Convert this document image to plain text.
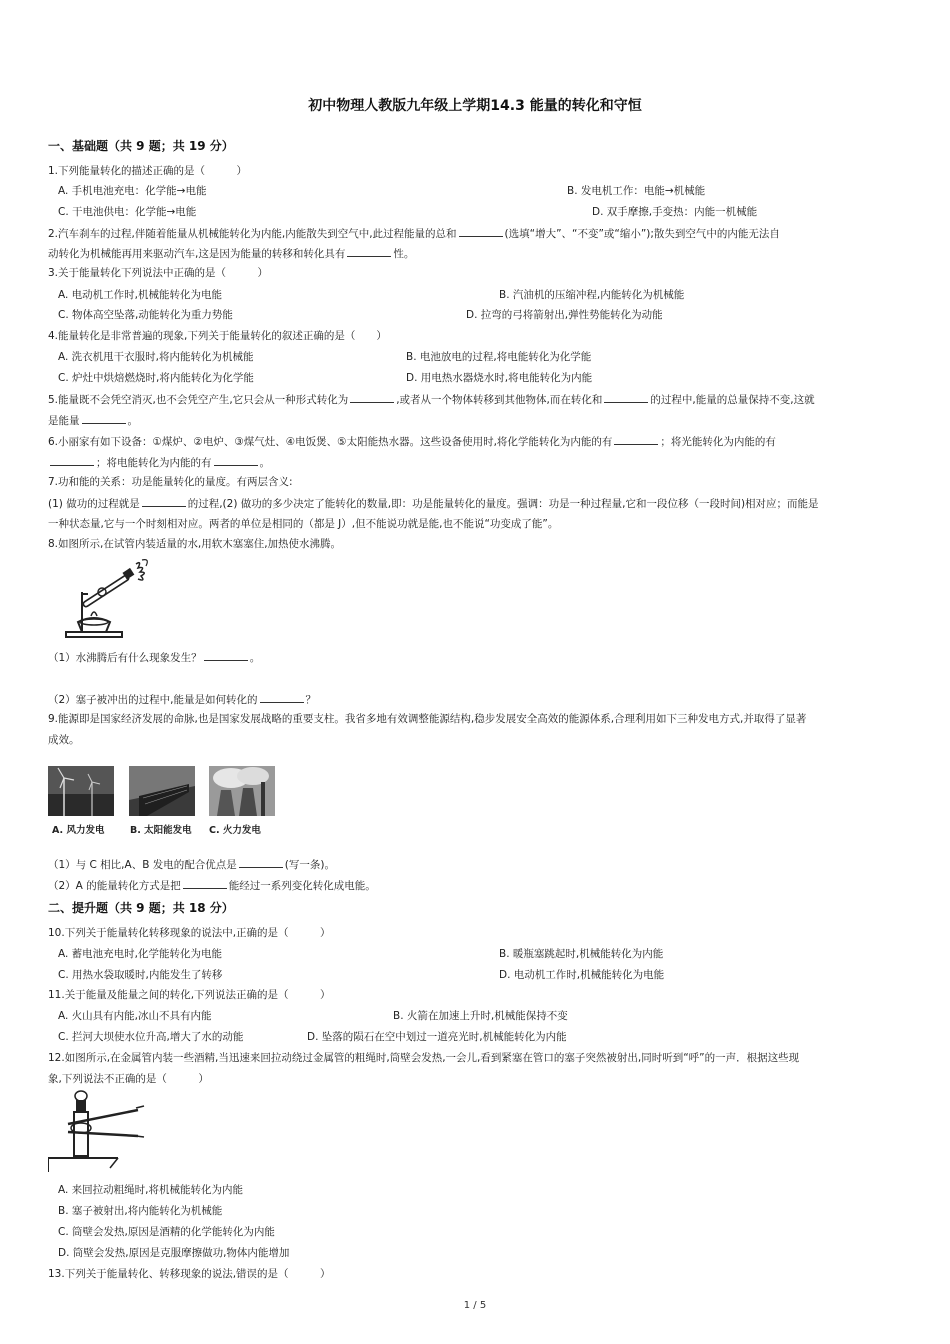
初中物理人教版九年级上学期14.3 能量的转化和守恒
一、基础题（共 9 题；共 19 分）
1.下列能量转化的描述正确的是（　　　）
A. 手机电池充电：化学能→电能	B. 发电机工作：电能→机械能
C. 干电池供电：化学能→电能	D. 双手摩擦,手变热：内能一机械能
2.汽车刹车的过程,伴随着能量从机械能转化为内能,内能散失到空气中,此过程能量的总和	(选填“增大”、“不变”或“缩小”);散失到空气中的内能无法自
动转化为机械能再用来驱动汽车,这是因为能量的转移和转化具有	性。
3.关于能量转化下列说法中正确的是（　　　）
A. 电动机工作时,机械能转化为电能	B. 汽油机的压缩冲程,内能转化为机械能
C. 物体高空坠落,动能转化为重力势能	D. 拉弯的弓将箭射出,弹性势能转化为动能
4.能量转化是非常普遍的现象,下列关于能量转化的叙述正确的是（　　）
A. 洗衣机甩干衣服时,将内能转化为机械能	B. 电池放电的过程,将电能转化为化学能
C. 炉灶中烘焙燃烧时,将内能转化为化学能	D. 用电热水器烧水时,将电能转化为内能
5.能量既不会凭空消灭,也不会凭空产生,它只会从一种形式转化为	,或者从一个物体转移到其他物体,而在转化和	的过程中,能量的总量保持不变,这就
是能量	。
6.小丽家有如下设备：①煤炉、②电炉、③煤气灶、④电饭煲、⑤太阳能热水器。这些设备使用时,将化学能转化为内能的有	；将光能转化为内能的有
；将电能转化为内能的有	。
7.功和能的关系：功是能量转化的量度。有两层含义:
(1) 做功的过程就是	的过程,(2) 做功的多少决定了能转化的数量,即：功是能量转化的量度。强调：功是一种过程量,它和一段位移（一段时间)相对应；而能是
一种状态量,它与一个时刻相对应。两者的单位是相同的（都是 J）,但不能说功就是能,也不能说“功变成了能”。
8.如图所示,在试管内装适量的水,用软木塞塞住,加热使水沸腾。
（1）水沸腾后有什么现象发生？	。
（2）塞子被冲出的过程中,能量是如何转化的	？
9.能源即是国家经济发展的命脉,也是国家发展战略的重要支柱。我省多地有效调整能源结构,稳步发展安全高效的能源体系,合理利用如下三种发电方式,并取得了显著
成效。
A. 风力发电	B. 太阳能发电 C. 火力发电
（1）与 C 相比,A、B 发电的配合优点是	(写一条)。
（2）A 的能量转化方式是把	能经过一系列变化转化成电能。
二、提升题（共 9 题；共 18 分）
10.下列关于能量转化转移现象的说法中,正确的是（　　　）
A. 蓄电池充电时,化学能转化为电能	B. 暖瓶塞跳起时,机械能转化为内能
C. 用热水袋取暖时,内能发生了转移	D. 电动机工作时,机械能转化为电能
11.关于能量及能量之间的转化,下列说法正确的是（　　　）
A. 火山具有内能,冰山不具有内能	B. 火箭在加速上升时,机械能保持不变
C. 拦河大坝使水位升高,增大了水的动能	D. 坠落的陨石在空中划过一道亮光时,机械能转化为内能
12.如图所示,在金属管内装一些酒精,当迅速来回拉动绕过金属管的粗绳时,筒壁会发热,一会儿,看到紧塞在管口的塞子突然被射出,同时听到“呼”的一声．根据这些现
象,下列说法不正确的是（　　　）
A. 来回拉动粗绳时,将机械能转化为内能
B. 塞子被射出,将内能转化为机械能
C. 筒壁会发热,原因是酒精的化学能转化为内能
D. 筒壁会发热,原因是克服摩擦做功,物体内能增加
13.下列关于能量转化、转移现象的说法,错误的是（　　　）
1 / 5
